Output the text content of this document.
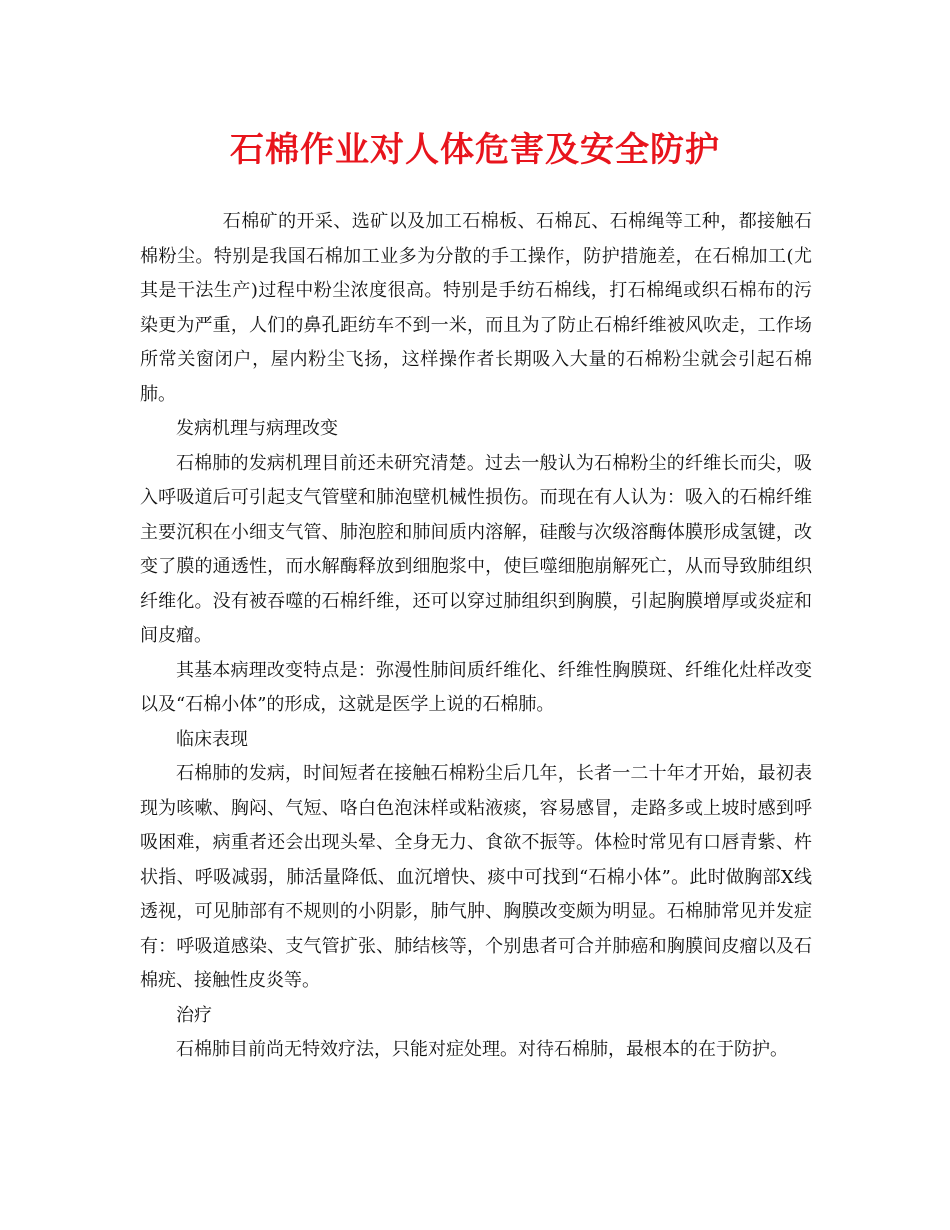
石棉作业对人体危害及安全防护

石棉矿的开采、选矿以及加工石棉板、石棉瓦、石棉绳等工种，都接触石棉粉尘。特别是我国石棉加工业多为分散的手工操作，防护措施差，在石棉加工(尤其是干法生产)过程中粉尘浓度很高。特别是手纺石棉线，打石棉绳或织石棉布的污染更为严重，人们的鼻孔距纺车不到一米，而且为了防止石棉纤维被风吹走，工作场所常关窗闭户，屋内粉尘飞扬，这样操作者长期吸入大量的石棉粉尘就会引起石棉肺。

发病机理与病理改变

石棉肺的发病机理目前还未研究清楚。过去一般认为石棉粉尘的纤维长而尖，吸入呼吸道后可引起支气管壁和肺泡壁机械性损伤。而现在有人认为：吸入的石棉纤维主要沉积在小细支气管、肺泡腔和肺间质内溶解，硅酸与次级溶酶体膜形成氢键，改变了膜的通透性，而水解酶释放到细胞浆中，使巨噬细胞崩解死亡，从而导致肺组织纤维化。没有被吞噬的石棉纤维，还可以穿过肺组织到胸膜，引起胸膜增厚或炎症和间皮瘤。

其基本病理改变特点是：弥漫性肺间质纤维化、纤维性胸膜斑、纤维化灶样改变以及“石棉小体”的形成，这就是医学上说的石棉肺。

临床表现

石棉肺的发病，时间短者在接触石棉粉尘后几年，长者一二十年才开始，最初表现为咳嗽、胸闷、气短、咯白色泡沫样或粘液痰，容易感冒，走路多或上坡时感到呼吸困难，病重者还会出现头晕、全身无力、食欲不振等。体检时常见有口唇青紫、杵状指、呼吸减弱，肺活量降低、血沉增快、痰中可找到“石棉小体”。此时做胸部X线透视，可见肺部有不规则的小阴影，肺气肿、胸膜改变颇为明显。石棉肺常见并发症有：呼吸道感染、支气管扩张、肺结核等，个别患者可合并肺癌和胸膜间皮瘤以及石棉疣、接触性皮炎等。

治疗

石棉肺目前尚无特效疗法，只能对症处理。对待石棉肺，最根本的在于防护。
